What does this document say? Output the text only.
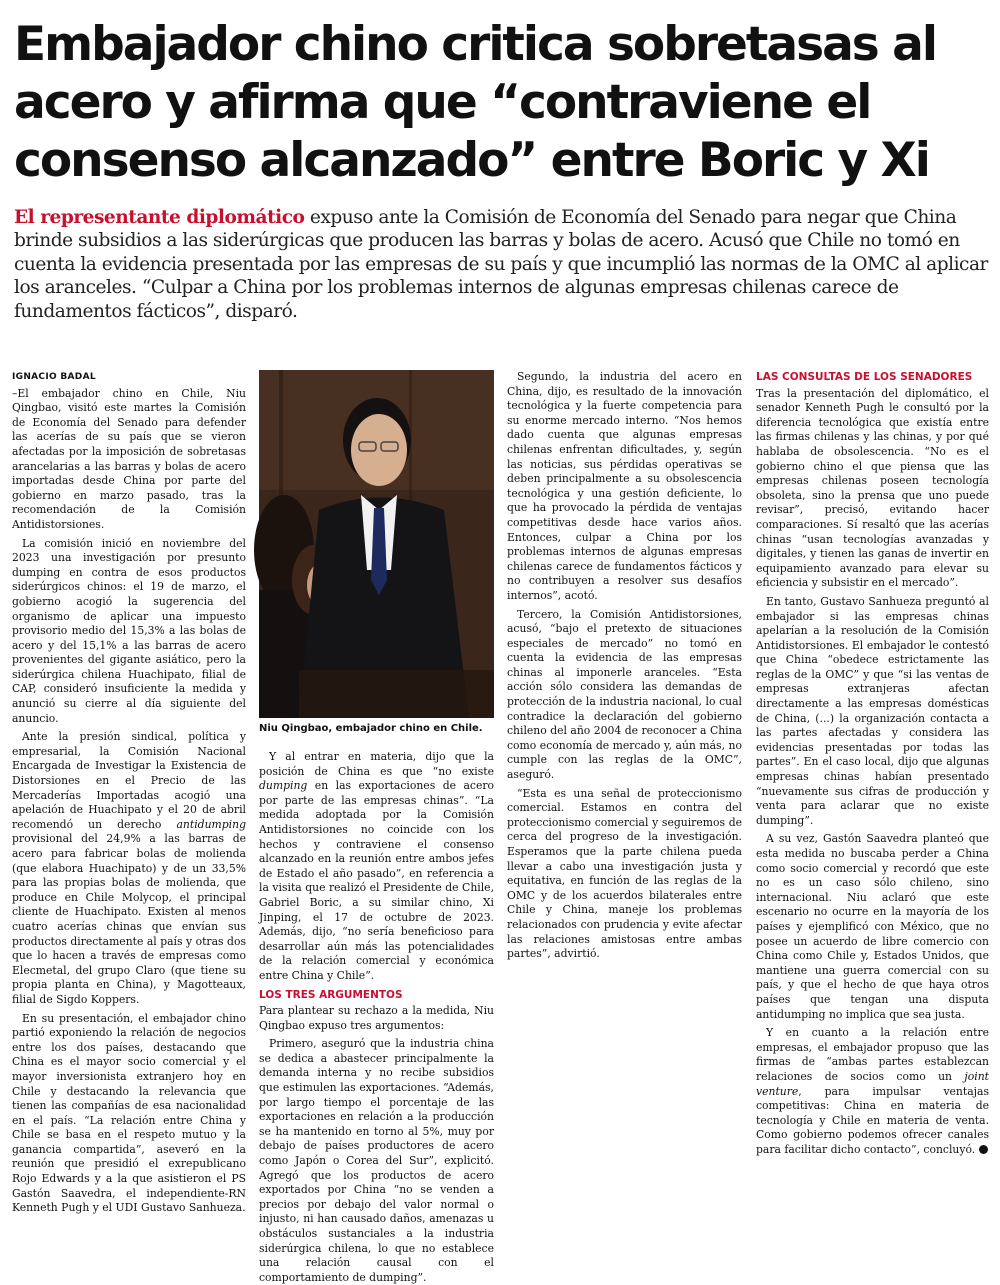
Embajador chino critica sobretasas al acero y afirma que “contraviene el consenso alcanzado” entre Boric y Xi

El representante diplomático expuso ante la Comisión de Economía del Senado para negar que China brinde subsidios a las siderúrgicas que producen las barras y bolas de acero. Acusó que Chile no tomó en cuenta la evidencia presentada por las empresas de su país y que incumplió las normas de la OMC al aplicar los aranceles. “Culpar a China por los problemas internos de algunas empresas chilenas carece de fundamentos fácticos”, disparó.

IGNACIO BADAL

–El embajador chino en Chile, Niu Qingbao, visitó este martes la Comisión de Economía del Senado para defender las acerías de su país que se vieron afectadas por la imposición de sobretasas arancelarias a las barras y bolas de acero importadas desde China por parte del gobierno en marzo pasado, tras la recomendación de la Comisión Antidistorsiones.

La comisión inició en noviembre del 2023 una investigación por presunto dumping en contra de esos productos siderúrgicos chinos: el 19 de marzo, el gobierno acogió la sugerencia del organismo de aplicar una impuesto provisorio medio del 15,3% a las bolas de acero y del 15,1% a las barras de acero provenientes del gigante asiático, pero la siderúrgica chilena Huachipato, filial de CAP, consideró insuficiente la medida y anunció su cierre al día siguiente del anuncio.

Ante la presión sindical, política y empresarial, la Comisión Nacional Encargada de Investigar la Existencia de Distorsiones en el Precio de las Mercaderías Importadas acogió una apelación de Huachipato y el 20 de abril recomendó un derecho antidumping provisional del 24,9% a las barras de acero para fabricar bolas de molienda (que elabora Huachipato) y de un 33,5% para las propias bolas de molienda, que produce en Chile Molycop, el principal cliente de Huachipato. Existen al menos cuatro acerías chinas que envían sus productos directamente al país y otras dos que lo hacen a través de empresas como Elecmetal, del grupo Claro (que tiene su propia planta en China), y Magotteaux, filial de Sigdo Koppers.

En su presentación, el embajador chino partió exponiendo la relación de negocios entre los dos países, destacando que China es el mayor socio comercial y el mayor inversionista extranjero hoy en Chile y destacando la relevancia que tienen las compañías de esa nacionalidad en el país. “La relación entre China y Chile se basa en el respeto mutuo y la ganancia compartida”, aseveró en la reunión que presidió el exrepublicano Rojo Edwards y a la que asistieron el PS Gastón Saavedra, el independiente-RN Kenneth Pugh y el UDI Gustavo Sanhueza.

Niu Qingbao, embajador chino en Chile.

Y al entrar en materia, dijo que la posición de China es que “no existe dumping en las exportaciones de acero por parte de las empresas chinas”. “La medida adoptada por la Comisión Antidistorsiones no coincide con los hechos y contraviene el consenso alcanzado en la reunión entre ambos jefes de Estado el año pasado”, en referencia a la visita que realizó el Presidente de Chile, Gabriel Boric, a su similar chino, Xi Jinping, el 17 de octubre de 2023. Además, dijo, “no sería beneficioso para desarrollar aún más las potencialidades de la relación comercial y económica entre China y Chile”.

LOS TRES ARGUMENTOS

Para plantear su rechazo a la medida, Niu Qingbao expuso tres argumentos:

Primero, aseguró que la industria china se dedica a abastecer principalmente la demanda interna y no recibe subsidios que estimulen las exportaciones. “Además, por largo tiempo el porcentaje de las exportaciones en relación a la producción se ha mantenido en torno al 5%, muy por debajo de países productores de acero como Japón o Corea del Sur”, explicitó. Agregó que los productos de acero exportados por China “no se venden a precios por debajo del valor normal o injusto, ni han causado daños, amenazas u obstáculos sustanciales a la industria siderúrgica chilena, lo que no establece una relación causal con el comportamiento de dumping”.

Segundo, la industria del acero en China, dijo, es resultado de la innovación tecnológica y la fuerte competencia para su enorme mercado interno. “Nos hemos dado cuenta que algunas empresas chilenas enfrentan dificultades, y, según las noticias, sus pérdidas operativas se deben principalmente a su obsolescencia tecnológica y una gestión deficiente, lo que ha provocado la pérdida de ventajas competitivas desde hace varios años. Entonces, culpar a China por los problemas internos de algunas empresas chilenas carece de fundamentos fácticos y no contribuyen a resolver sus desafíos internos”, acotó.

Tercero, la Comisión Antidistorsiones, acusó, “bajo el pretexto de situaciones especiales de mercado” no tomó en cuenta la evidencia de las empresas chinas al imponerle aranceles. “Esta acción sólo considera las demandas de protección de la industria nacional, lo cual contradice la declaración del gobierno chileno del año 2004 de reconocer a China como economía de mercado y, aún más, no cumple con las reglas de la OMC”, aseguró.

“Esta es una señal de proteccionismo comercial. Estamos en contra del proteccionismo comercial y seguiremos de cerca del progreso de la investigación. Esperamos que la parte chilena pueda llevar a cabo una investigación justa y equitativa, en función de las reglas de la OMC y de los acuerdos bilaterales entre Chile y China, maneje los problemas relacionados con prudencia y evite afectar las relaciones amistosas entre ambas partes”, advirtió.

LAS CONSULTAS DE LOS SENADORES

Tras la presentación del diplomático, el senador Kenneth Pugh le consultó por la diferencia tecnológica que existía entre las firmas chilenas y las chinas, y por qué hablaba de obsolescencia. “No es el gobierno chino el que piensa que las empresas chilenas poseen tecnología obsoleta, sino la prensa que uno puede revisar”, precisó, evitando hacer comparaciones. Sí resaltó que las acerías chinas “usan tecnologías avanzadas y digitales, y tienen las ganas de invertir en equipamiento avanzado para elevar su eficiencia y subsistir en el mercado”.

En tanto, Gustavo Sanhueza preguntó al embajador si las empresas chinas apelarían a la resolución de la Comisión Antidistorsiones. El embajador le contestó que China “obedece estrictamente las reglas de la OMC” y que “si las ventas de empresas extranjeras afectan directamente a las empresas domésticas de China, (...) la organización contacta a las partes afectadas y considera las evidencias presentadas por todas las partes”. En el caso local, dijo que algunas empresas chinas habían presentado “nuevamente sus cifras de producción y venta para aclarar que no existe dumping”.

A su vez, Gastón Saavedra planteó que esta medida no buscaba perder a China como socio comercial y recordó que este no es un caso sólo chileno, sino internacional. Niu aclaró que este escenario no ocurre en la mayoría de los países y ejemplificó con México, que no posee un acuerdo de libre comercio con China como Chile y, Estados Unidos, que mantiene una guerra comercial con su país, y que el hecho de que haya otros países que tengan una disputa antidumping no implica que sea justa.

Y en cuanto a la relación entre empresas, el embajador propuso que las firmas de “ambas partes establezcan relaciones de socios como un joint venture, para impulsar ventajas competitivas: China en materia de tecnología y Chile en materia de venta. Como gobierno podemos ofrecer canales para facilitar dicho contacto”, concluyó. P
